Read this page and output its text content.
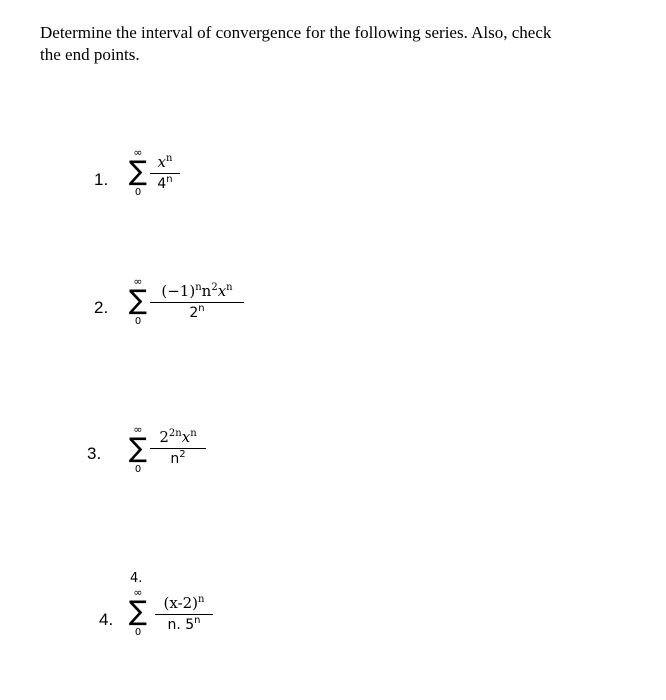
Determine the interval of convergence for the following series. Also, check
the end points.
1.
∞
∑
0
$x^n$
4$^n$
2.
∞
∑
0
$(-1)^nn^2x^n$
2$^n$
3.
∞
∑
0
$2^{2n}x^n$
$n^2$
4.
4.
∞
∑
0
$(x-2)^n$
n. 5$^n$
